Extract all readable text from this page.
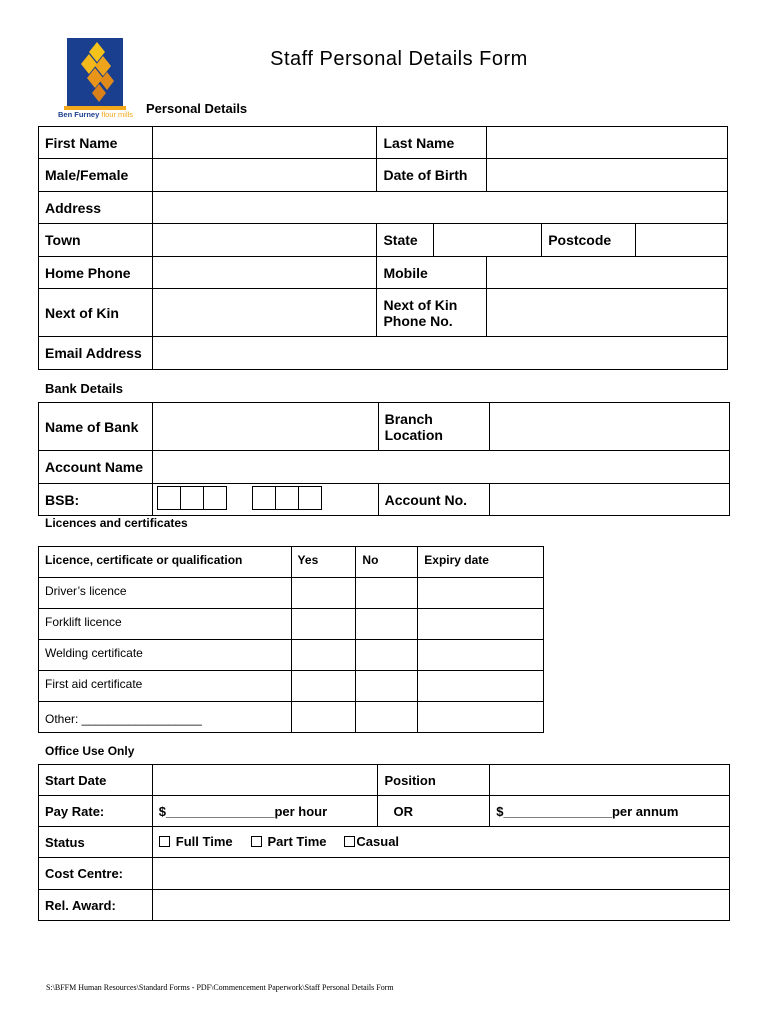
Ben Furney flour mills
Staff Personal Details Form
Personal Details
First Name		Last Name				
Male/Female		Date of Birth				
Address						
Town		State			Postcode	
Home Phone		Mobile				
Next of Kin		Next of Kin
Phone No.				
Email Address						
Bank Details
Name of Bank		Branch
Location	
Account Name			
BSB:		Account No.	
Licences and certificates
Licence, certificate or qualification	Yes	No	Expiry date
Driver’s licence			
Forklift licence			
Welding certificate			
First aid certificate			
Other: __________________			
Office Use Only
Start Date		Position	
Pay Rate:	$_______________per hour	OR	$_______________per annum
Status	Full Time Part Time Casual		
Cost Centre:			
Rel. Award:			
S:\BFFM Human Resources\Standard Forms - PDF\Commencement Paperwork\Staff Personal Details Form
